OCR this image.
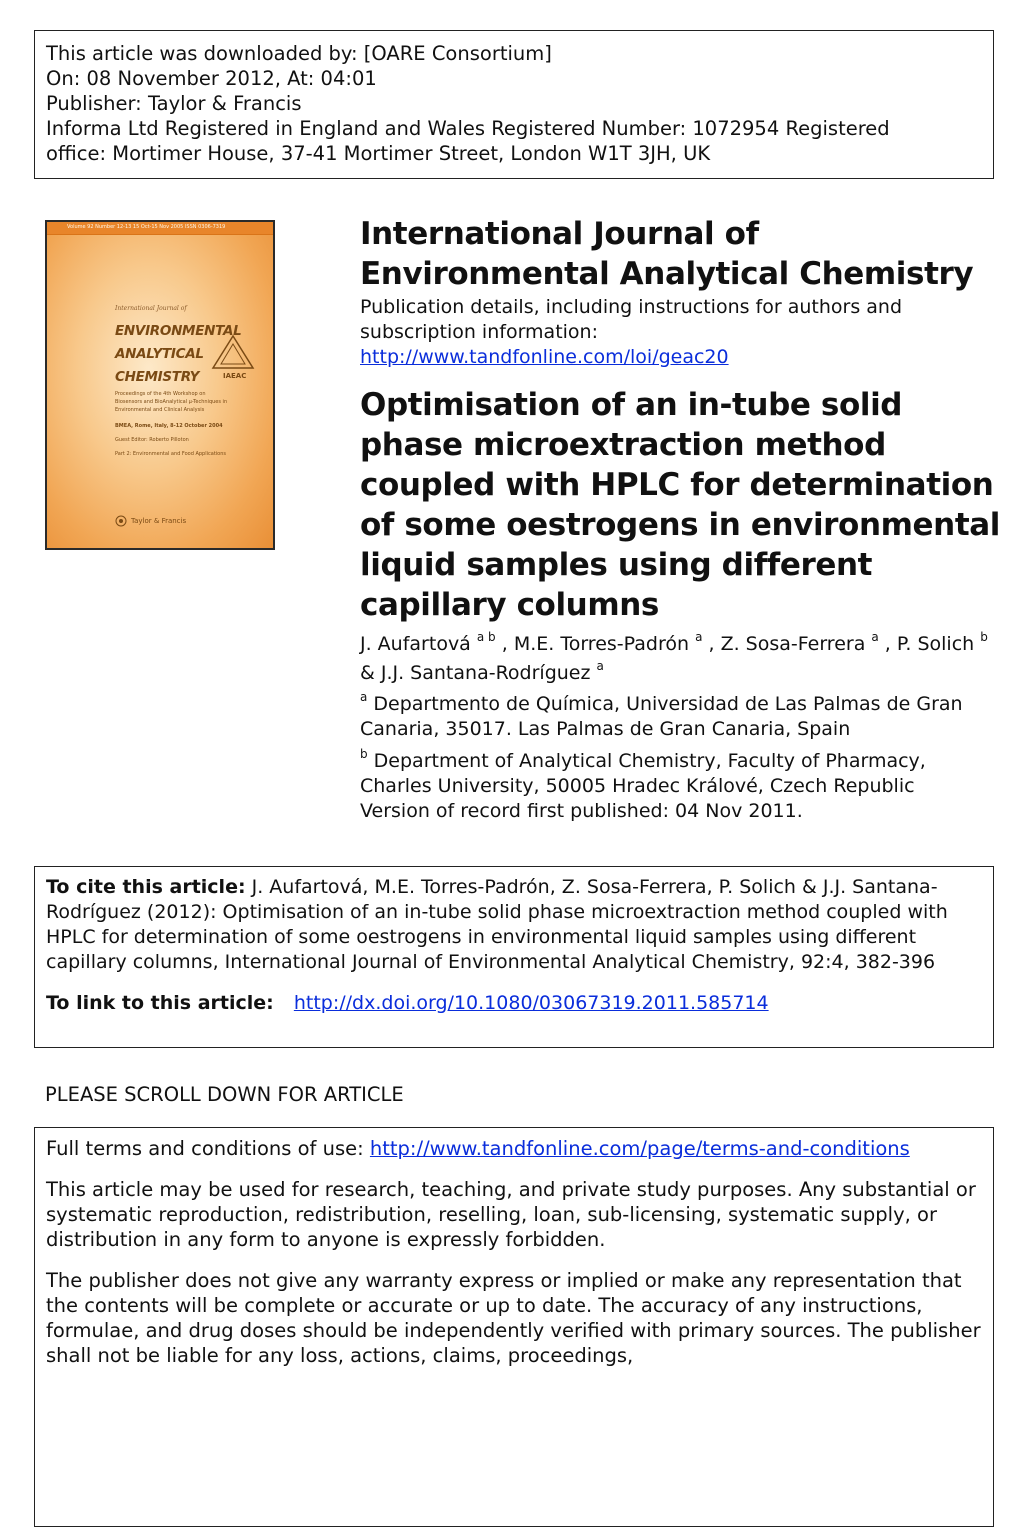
This article was downloaded by: [OARE Consortium]
On: 08 November 2012, At: 04:01
Publisher: Taylor & Francis
Informa Ltd Registered in England and Wales Registered Number: 1072954 Registered
office: Mortimer House, 37-41 Mortimer Street, London W1T 3JH, UK
Volume 92 Number 12-13 15 Oct-15 Nov 2005 ISSN 0306-7319
International Journal of
ENVIRONMENTAL
ANALYTICAL
CHEMISTRY	IAEAC
Proceedings of the 4th Workshop on
Biosensors and BioAnalytical µ-Techniques in
Environmental and Clinical Analysis
BMEA, Rome, Italy, 8-12 October 2004
Guest Editor: Roberto Pilloton
Part 2: Environmental and Food Applications
Taylor & Francis
International Journal of Environmental Analytical Chemistry
Publication details, including instructions for authors and subscription information:
http://www.tandfonline.com/loi/geac20
Optimisation of an in-tube solid phase microextraction method coupled with HPLC for determination of some oestrogens in environmental liquid samples using different capillary columns
J. Aufartová $^{a b}$ , M.E. Torres-Padrón $^a$ , Z. Sosa-Ferrera $^a$ , P. Solich $^b$ & J.J. Santana-Rodríguez $^a$
$^a$ Departmento de Química, Universidad de Las Palmas de Gran Canaria, 35017. Las Palmas de Gran Canaria, Spain
$^b$ Department of Analytical Chemistry, Faculty of Pharmacy, Charles University, 50005 Hradec Králové, Czech Republic
Version of record first published: 04 Nov 2011.

To cite this article: J. Aufartová, M.E. Torres-Padrón, Z. Sosa-Ferrera, P. Solich & J.J. Santana-Rodríguez (2012): Optimisation of an in-tube solid phase microextraction method coupled with HPLC for determination of some oestrogens in environmental liquid samples using different capillary columns, International Journal of Environmental Analytical Chemistry, 92:4, 382-396

To link to this article: http://dx.doi.org/10.1080/03067319.2011.585714
PLEASE SCROLL DOWN FOR ARTICLE

Full terms and conditions of use: http://www.tandfonline.com/page/terms-and-conditions

This article may be used for research, teaching, and private study purposes. Any substantial or systematic reproduction, redistribution, reselling, loan, sub-licensing, systematic supply, or distribution in any form to anyone is expressly forbidden.

The publisher does not give any warranty express or implied or make any representation that the contents will be complete or accurate or up to date. The accuracy of any instructions, formulae, and drug doses should be independently verified with primary sources. The publisher shall not be liable for any loss, actions, claims, proceedings,
